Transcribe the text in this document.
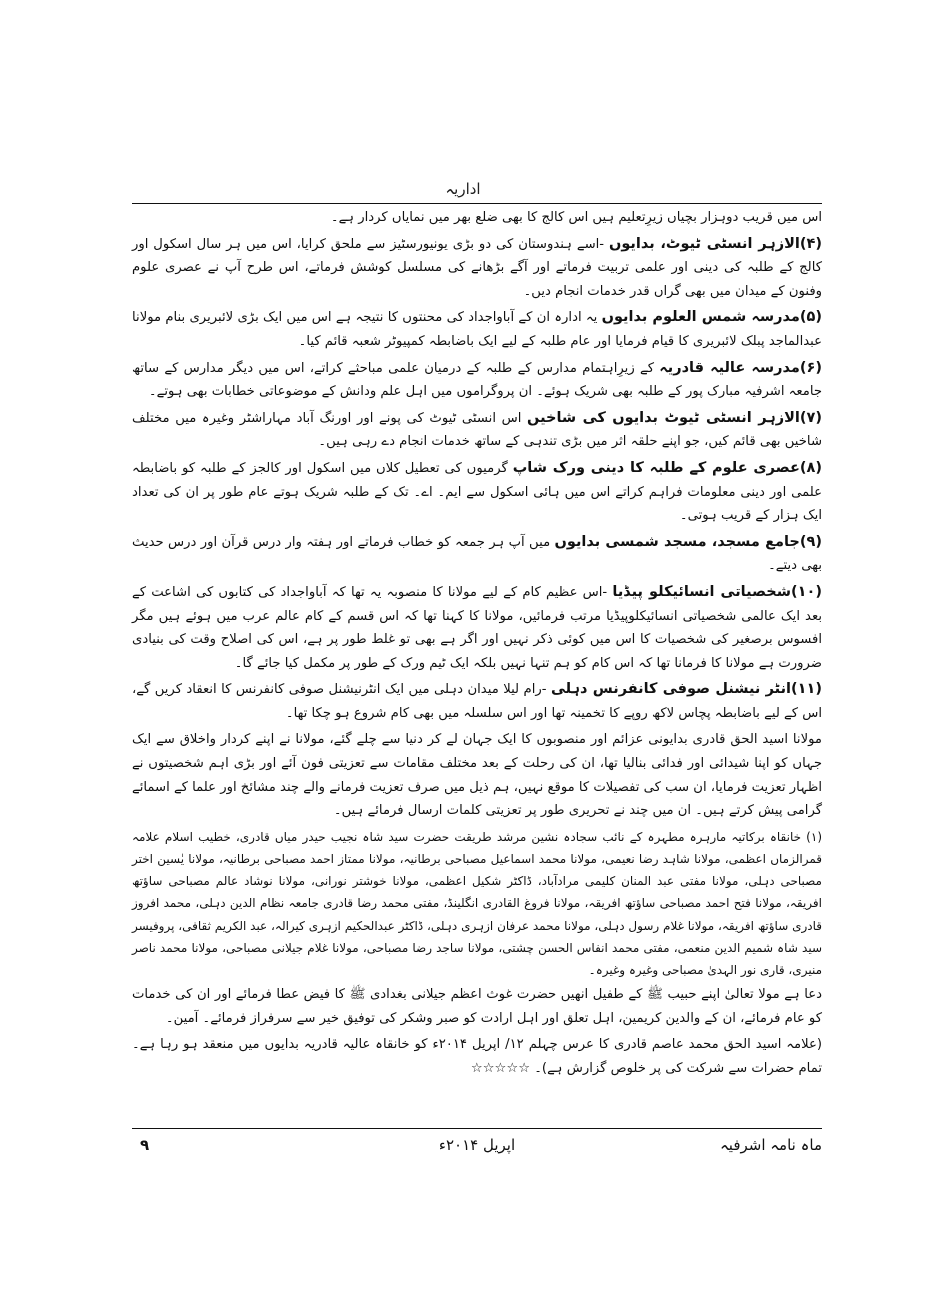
اداریہ

اس میں قریب دوہزار بچیاں زیرِتعلیم ہیں اس کالج کا بھی ضلع بھر میں نمایاں کردار ہے۔

(۴)الازہر انسٹی ٹیوٹ، بدایوں -اسے ہندوستان کی دو بڑی یونیورسٹیز سے ملحق کرایا، اس میں ہر سال اسکول اور کالج کے طلبہ کی دینی اور علمی تربیت فرماتے اور آگے بڑھانے کی مسلسل کوشش فرماتے، اس طرح آپ نے عصری علوم وفنون کے میدان میں بھی گراں قدر خدمات انجام دیں۔

(۵)مدرسہ شمس العلوم بدایوں یہ ادارہ ان کے آباواجداد کی محنتوں کا نتیجہ ہے اس میں ایک بڑی لائبریری بنام مولانا عبدالماجد پبلک لائبریری کا قیام فرمایا اور عام طلبہ کے لیے ایک باضابطہ کمپیوٹر شعبہ قائم کیا۔

(۶)مدرسہ عالیہ قادریہ کے زیرِاہتمام مدارس کے طلبہ کے درمیان علمی مباحثے کراتے، اس میں دیگر مدارس کے ساتھ جامعہ اشرفیہ مبارک پور کے طلبہ بھی شریک ہوئے۔ ان پروگراموں میں اہل علم ودانش کے موضوعاتی خطابات بھی ہوتے۔

(۷)الازہر انسٹی ٹیوٹ بدایوں کی شاخیں اس انسٹی ٹیوٹ کی پونے اور اورنگ آباد مہاراشٹر وغیرہ میں مختلف شاخیں بھی قائم کیں، جو اپنے حلقہ اثر میں بڑی تندہی کے ساتھ خدمات انجام دے رہی ہیں۔

(۸)عصری علوم کے طلبہ کا دینی ورک شاپ گرمیوں کی تعطیل کلاں میں اسکول اور کالجز کے طلبہ کو باضابطہ علمی اور دینی معلومات فراہم کراتے اس میں ہائی اسکول سے ایم۔ اے۔ تک کے طلبہ شریک ہوتے عام طور پر ان کی تعداد ایک ہزار کے قریب ہوتی۔

(۹)جامع مسجد، مسجد شمسی بدایوں میں آپ ہر جمعہ کو خطاب فرماتے اور ہفتہ وار درس قرآن اور درس حدیث بھی دیتے۔

(۱۰)شخصیاتی انسائیکلو پیڈیا -اس عظیم کام کے لیے مولانا کا منصوبہ یہ تھا کہ آباواجداد کی کتابوں کی اشاعت کے بعد ایک عالمی شخصیاتی انسائیکلوپیڈیا مرتب فرمائیں، مولانا کا کہنا تھا کہ اس قسم کے کام عالم عرب میں ہوئے ہیں مگر افسوس برصغیر کی شخصیات کا اس میں کوئی ذکر نہیں اور اگر ہے بھی تو غلط طور پر ہے، اس کی اصلاح وقت کی بنیادی ضرورت ہے مولانا کا فرمانا تھا کہ اس کام کو ہم تنہا نہیں بلکہ ایک ٹیم ورک کے طور پر مکمل کیا جائے گا۔

(۱۱)انٹر نیشنل صوفی کانفرنس دہلی -رام لیلا میدان دہلی میں ایک انٹرنیشنل صوفی کانفرنس کا انعقاد کریں گے، اس کے لیے باضابطہ پچاس لاکھ روپے کا تخمینہ تھا اور اس سلسلہ میں بھی کام شروع ہو چکا تھا۔

مولانا اسید الحق قادری بدایونی عزائم اور منصوبوں کا ایک جہان لے کر دنیا سے چلے گئے، مولانا نے اپنے کردار واخلاق سے ایک جہاں کو اپنا شیدائی اور فدائی بنالیا تھا، ان کی رحلت کے بعد مختلف مقامات سے تعزیتی فون آئے اور بڑی اہم شخصیتوں نے اظہار تعزیت فرمایا، ان سب کی تفصیلات کا موقع نہیں، ہم ذیل میں صرف تعزیت فرمانے والے چند مشائخ اور علما کے اسمائے گرامی پیش کرتے ہیں۔ ان میں چند نے تحریری طور پر تعزیتی کلمات ارسال فرمائے ہیں۔

(۱) خانقاہ برکاتیہ مارہرہ مطہرہ کے نائب سجادہ نشین مرشد طریقت حضرت سید شاہ نجیب حیدر میاں قادری، خطیب اسلام علامہ قمرالزماں اعظمی، مولانا شاہد رضا نعیمی، مولانا محمد اسماعیل مصباحی برطانیہ، مولانا ممتاز احمد مصباحی برطانیہ، مولانا یٰسین اختر مصباحی دہلی، مولانا مفتی عبد المنان کلیمی مرادآباد، ڈاکٹر شکیل اعظمی، مولانا خوشتر نورانی، مولانا نوشاد عالم مصباحی ساؤتھ افریقہ، مولانا فتح احمد مصباحی ساؤتھ افریقہ، مولانا فروغ القادری انگلینڈ، مفتی محمد رضا قادری جامعہ نظام الدین دہلی، محمد افروز قادری ساؤتھ افریقہ، مولانا غلام رسول دہلی، مولانا محمد عرفان ازہری دہلی، ڈاکٹر عبدالحکیم ازہری کیرالہ، عبد الکریم ثقافی، پروفیسر سید شاہ شمیم الدین منعمی، مفتی محمد انفاس الحسن چشتی، مولانا ساجد رضا مصباحی، مولانا غلام جیلانی مصباحی، مولانا محمد ناصر منیری، قاری نور الہدیٰ مصباحی وغیرہ وغیرہ۔

دعا ہے مولا تعالیٰ اپنے حبیب ﷺ کے طفیل انھیں حضرت غوث اعظم جیلانی بغدادی ﷺ کا فیض عطا فرمائے اور ان کی خدمات کو عام فرمائے، ان کے والدین کریمین، اہل تعلق اور اہل ارادت کو صبر وشکر کی توفیق خیر سے سرفراز فرمائے۔ آمین۔

(علامہ اسید الحق محمد عاصم قادری کا عرس چہلم ۱۲/ اپریل ۲۰۱۴ء کو خانقاہ عالیہ قادریہ بدایوں میں منعقد ہو رہا ہے۔ تمام حضرات سے شرکت کی پر خلوص گزارش ہے)۔ ☆☆☆☆☆

۹	اپریل ۲۰۱۴ء	ماہ نامہ اشرفیہ
